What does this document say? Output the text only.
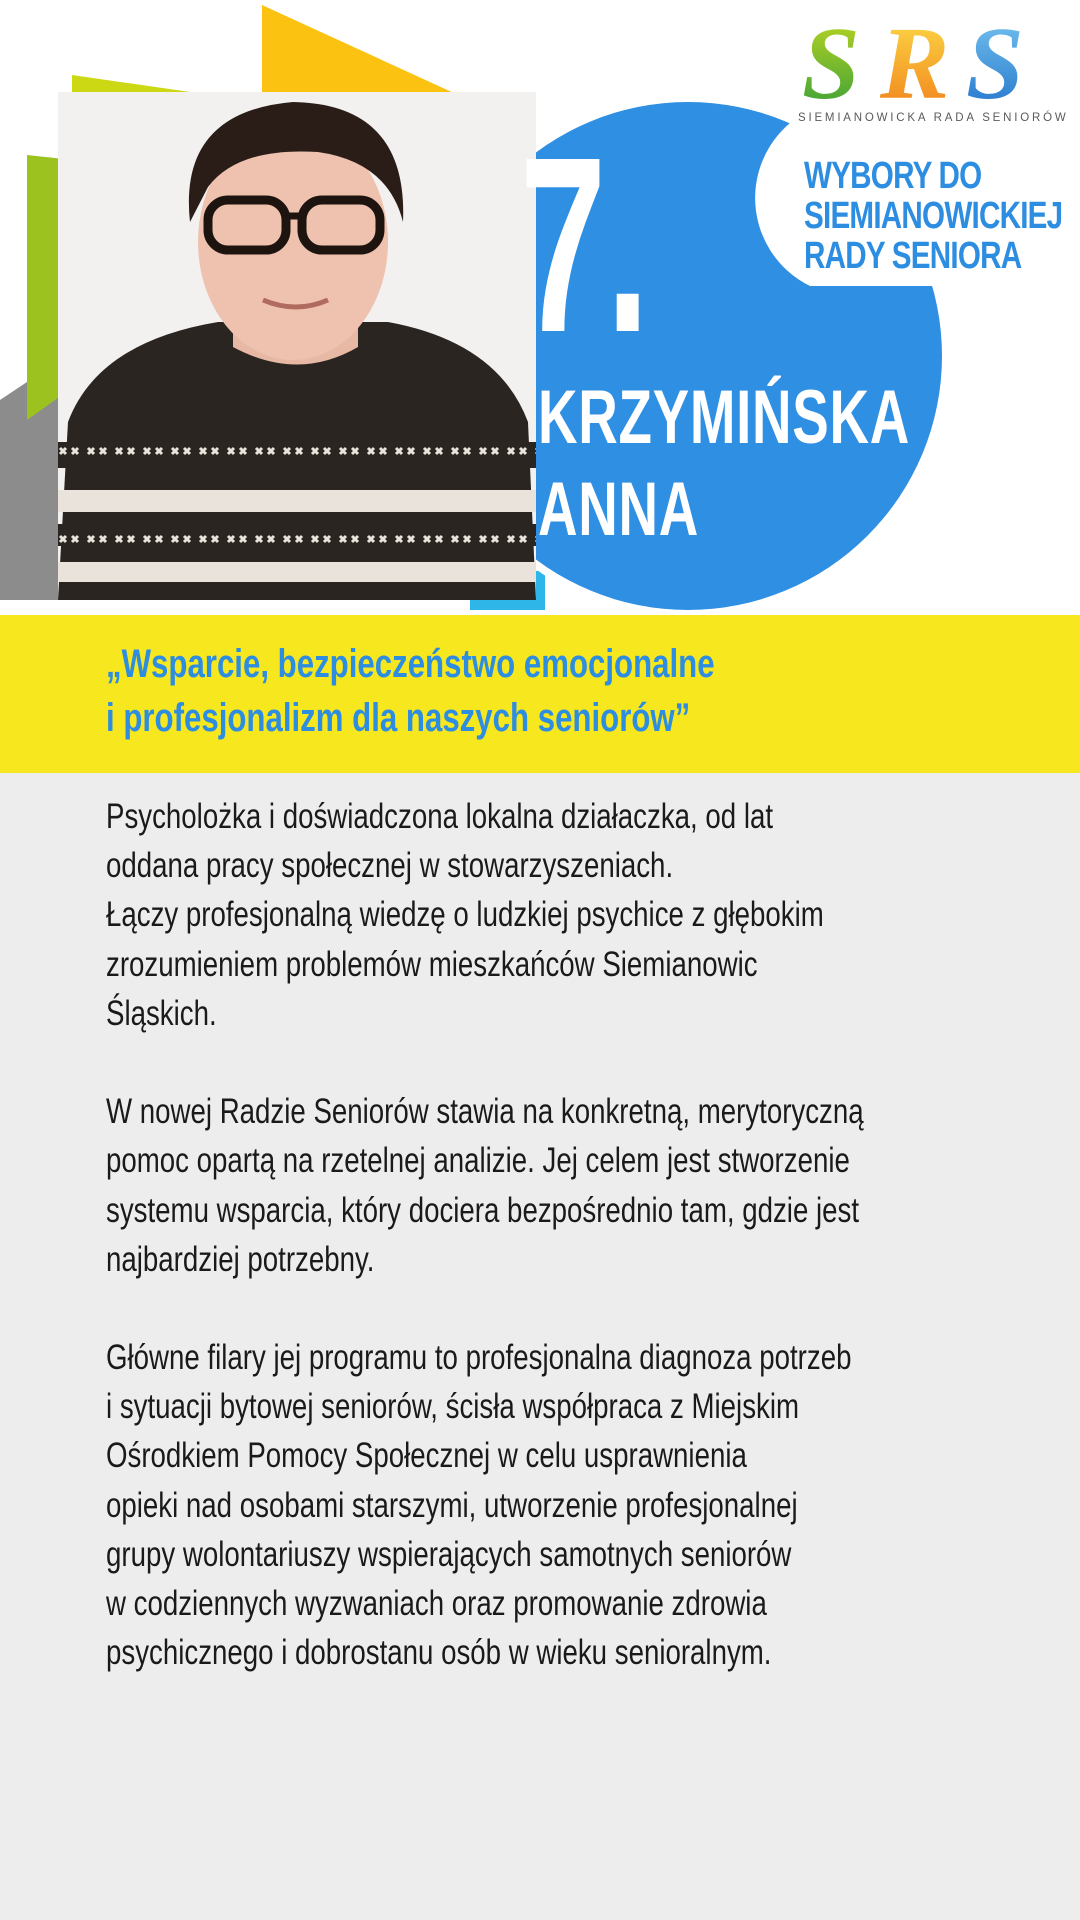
S R S
SIEMIANOWICKA RADA SENIORÓW
WYBORY DO
SIEMIANOWICKIEJ
RADY SENIORA
7.
KRZYMIŃSKA
ANNA
„Wsparcie, bezpieczeństwo emocjonalne
i profesjonalizm dla naszych seniorów”
Psycholożka i doświadczona lokalna działaczka, od lat
oddana pracy społecznej w stowarzyszeniach.
Łączy profesjonalną wiedzę o ludzkiej psychice z głębokim
zrozumieniem problemów mieszkańców Siemianowic
Śląskich.
W nowej Radzie Seniorów stawia na konkretną, merytoryczną
pomoc opartą na rzetelnej analizie. Jej celem jest stworzenie
systemu wsparcia, który dociera bezpośrednio tam, gdzie jest
najbardziej potrzebny.
Główne filary jej programu to profesjonalna diagnoza potrzeb
i sytuacji bytowej seniorów, ścisła współpraca z Miejskim
Ośrodkiem Pomocy Społecznej w celu usprawnienia
opieki nad osobami starszymi, utworzenie profesjonalnej
grupy wolontariuszy wspierających samotnych seniorów
w codziennych wyzwaniach oraz promowanie zdrowia
psychicznego i dobrostanu osób w wieku senioralnym.
